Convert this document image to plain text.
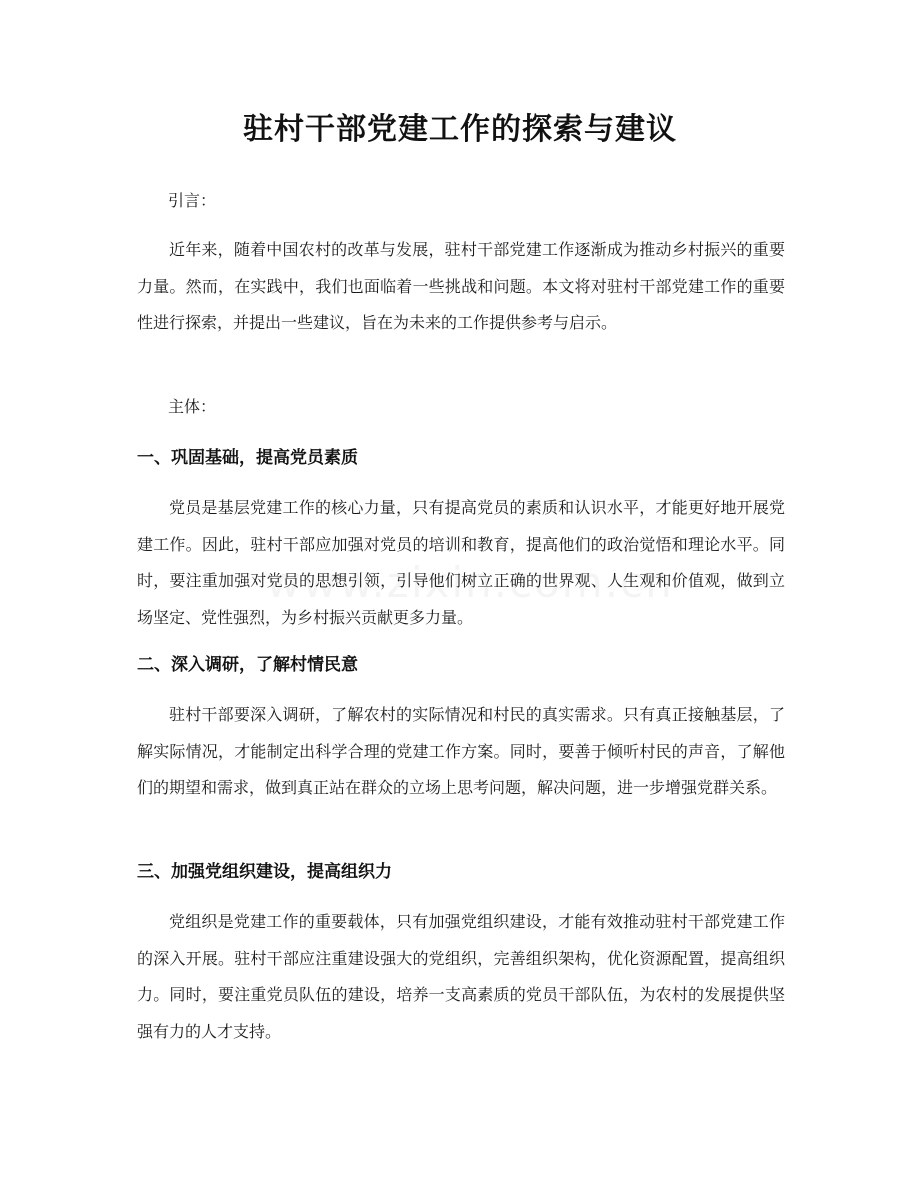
驻村干部党建工作的探索与建议

引言：

近年来，随着中国农村的改革与发展，驻村干部党建工作逐渐成为推动乡村振兴的重要力量。然而，在实践中，我们也面临着一些挑战和问题。本文将对驻村干部党建工作的重要性进行探索，并提出一些建议，旨在为未来的工作提供参考与启示。

主体：

一、巩固基础，提高党员素质

党员是基层党建工作的核心力量，只有提高党员的素质和认识水平，才能更好地开展党建工作。因此，驻村干部应加强对党员的培训和教育，提高他们的政治觉悟和理论水平。同时，要注重加强对党员的思想引领，引导他们树立正确的世界观、人生观和价值观，做到立场坚定、党性强烈，为乡村振兴贡献更多力量。

二、深入调研，了解村情民意

驻村干部要深入调研，了解农村的实际情况和村民的真实需求。只有真正接触基层，了解实际情况，才能制定出科学合理的党建工作方案。同时，要善于倾听村民的声音，了解他们的期望和需求，做到真正站在群众的立场上思考问题，解决问题，进一步增强党群关系。

三、加强党组织建设，提高组织力

党组织是党建工作的重要载体，只有加强党组织建设，才能有效推动驻村干部党建工作的深入开展。驻村干部应注重建设强大的党组织，完善组织架构，优化资源配置，提高组织力。同时，要注重党员队伍的建设，培养一支高素质的党员干部队伍，为农村的发展提供坚强有力的人才支持。
